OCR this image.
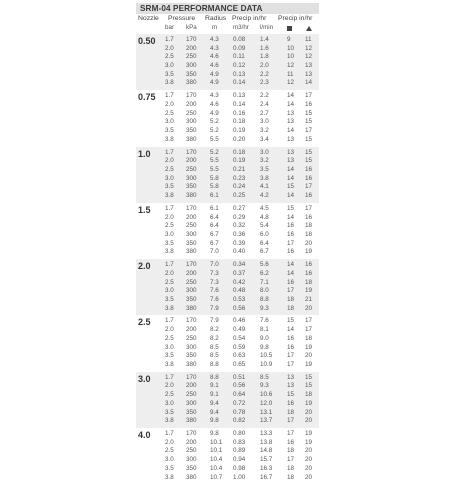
SRM-04 PERFORMANCE DATA
Nozzle Pressure Radius Precip in/hr Precip in/hr
bar kPa m	m3/hr l/min
0.50 1.7 170 4.3 0.08 1.4	9 11
2.0 200 4.3 0.09 1.6	10 12
2.5 250 4.6 0.11 1.8	10 12
3.0 300 4.6 0.12 2.0	12 13
3.5 350 4.9 0.13 2.2	11 13
3.8 380 4.9 0.14 2.3	12 14
0.75 1.7 170 4.3 0.13 2.2	14 17
2.0 200 4.6 0.14 2.4	14 16
2.5 250 4.9 0.16 2.7	13 15
3.0 300 5.2 0.18 3.0	13 15
3.5 350 5.2 0.19 3.2	14 17
3.8 380 5.5 0.20 3.4	13 15
1.0 1.7 170 5.2 0.18 3.0	13 15
2.0 200 5.5 0.19 3.2	13 15
2.5 250 5.5 0.21 3.5	14 16
3.0 300 5.8 0.23 3.8	14 16
3.5 350 5.8 0.24 4.1	15 17
3.8 380 6.1 0.25 4.2	14 16
1.5 1.7 170 6.1 0.27 4.5	15 17
2.0 200 6.4 0.29 4.8	14 16
2.5 250 6.4 0.32 5.4	16 18
3.0 300 6.7 0.36 6.0	16 18
3.5 350 6.7 0.39 6.4	17 20
3.8 380 7.0 0.40 6.7	16 19
2.0 1.7 170 7.0 0.34 5.6	14 16
2.0 200 7.3 0.37 6.2	14 16
2.5 250 7.3 0.42 7.1	16 18
3.0 300 7.6 0.48 8.0	17 19
3.5 350 7.6 0.53 8.8	18 21
3.8 380 7.9 0.56 9.3	18 20
2.5 1.7 170 7.9 0.46 7.6	15 17
2.0 200 8.2 0.49 8.1	14 17
2.5 250 8.2 0.54 9.0	16 18
3.0 300 8.5 0.59 9.8	16 19
3.5 350 8.5 0.63 10.5 17 20
3.8 380 8.8 0.65 10.9 17 19
3.0 1.7 170 8.8 0.51 8.5	13 15
2.0 200 9.1 0.56 9.3	13 15
2.5 250 9.1 0.64 10.6 15 18
3.0 300 9.4 0.72 12.0 16 19
3.5 350 9.4 0.78 13.1 18 20
3.8 380 9.8 0.82 13.7 17 20
4.0 1.7 170 9.8 0.80 13.3 17 19
2.0 200 10.1 0.83 13.8 16 19
2.5 250 10.1 0.89 14.8 18 20
3.0 300 10.4 0.94 15.7 17 20
3.5 350 10.4 0.98 16.3 18 20
3.8 380 10.7 1.00 16.7 18 20
